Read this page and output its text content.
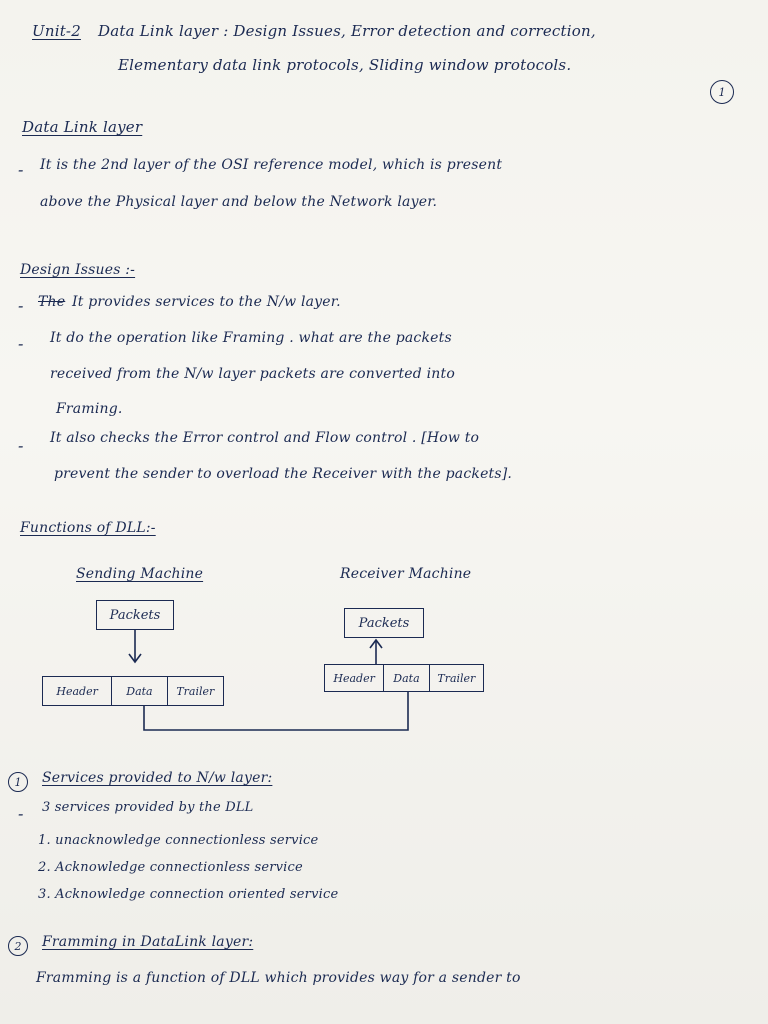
Unit-2 Data Link layer : Design Issues, Error detection and correction,
Elementary data link protocols, Sliding window protocols.
1
Data Link layer
- It is the 2nd layer of the OSI reference model, which is present
above the Physical layer and below the Network layer.
Design Issues :-
- The It provides services to the N/w layer.
- It do the operation like Framing . what are the packets
received from the N/w layer packets are converted into
Framing.
- It also checks the Error control and Flow control . [How to
prevent the sender to overload the Receiver with the packets].
Functions of DLL:-
Sending Machine	Receiver Machine
Packets
Packets
Header	Data	Trailer
Header	Data	Trailer
1 Services provided to N/w layer:
- 3 services provided by the DLL
1. unacknowledge connectionless service
2. Acknowledge connectionless service
3. Acknowledge connection oriented service
2 Framming in DataLink layer:
Framming is a function of DLL which provides way for a sender to
